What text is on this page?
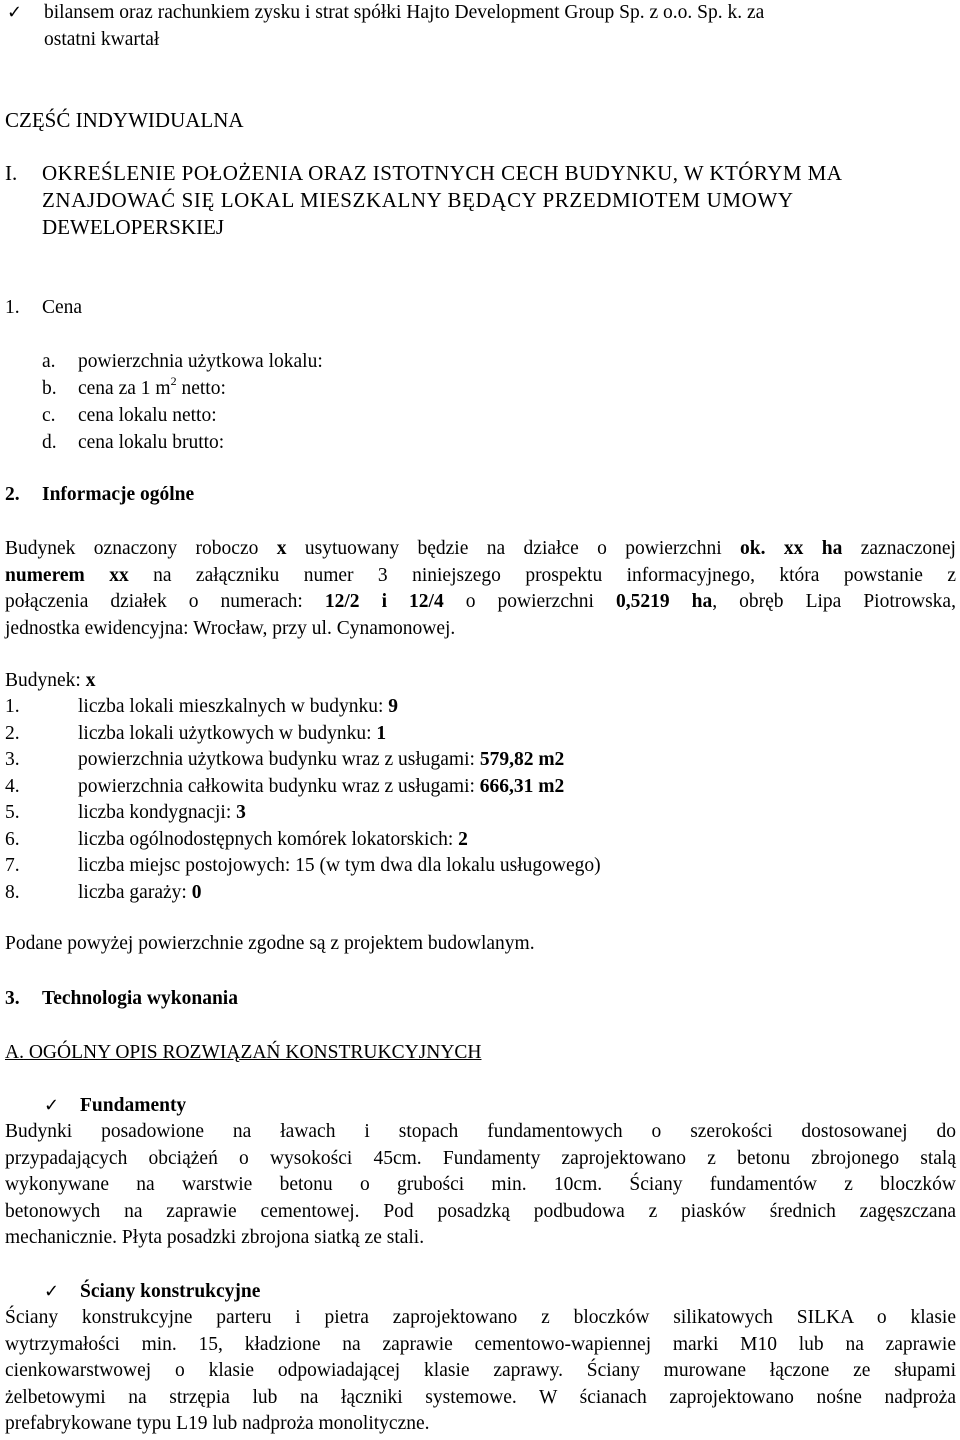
✓ bilansem oraz rachunkiem zysku i strat spółki Hajto Development Group Sp. z o.o. Sp. k. za
ostatni kwartał
CZĘŚĆ INDYWIDUALNA
I. OKREŚLENIE POŁOŻENIA ORAZ ISTOTNYCH CECH BUDYNKU, W KTÓRYM MA
ZNAJDOWAĆ SIĘ LOKAL MIESZKALNY BĘDĄCY PRZEDMIOTEM UMOWY
DEWELOPERSKIEJ
1. Cena
a. powierzchnia użytkowa lokalu:
b. cena za 1 $m^2$ netto:
c. cena lokalu netto:
d. cena lokalu brutto:
2. Informacje ogólne
Budynek oznaczony roboczo x usytuowany będzie na działce o powierzchni ok. xx ha zaznaczonej
numerem xx na załączniku numer 3 niniejszego prospektu informacyjnego, która powstanie z
połączenia działek o numerach: 12/2 i 12/4 o powierzchni 0,5219 ha, obręb Lipa Piotrowska,
jednostka ewidencyjna: Wrocław, przy ul. Cynamonowej.
Budynek: x
1.	liczba lokali mieszkalnych w budynku: 9
2.	liczba lokali użytkowych w budynku: 1
3.	powierzchnia użytkowa budynku wraz z usługami: 579,82 m2
4.	powierzchnia całkowita budynku wraz z usługami: 666,31 m2
5.	liczba kondygnacji: 3
6.	liczba ogólnodostępnych komórek lokatorskich: 2
7.	liczba miejsc postojowych: 15 (w tym dwa dla lokalu usługowego)
8.	liczba garaży: 0
Podane powyżej powierzchnie zgodne są z projektem budowlanym.
3. Technologia wykonania
A. OGÓLNY OPIS ROZWIĄZAŃ KONSTRUKCYJNYCH
✓ Fundamenty
Budynki posadowione na ławach i stopach fundamentowych o szerokości dostosowanej do
przypadających obciążeń o wysokości 45cm. Fundamenty zaprojektowano z betonu zbrojonego stalą
wykonywane na warstwie betonu o grubości min. 10cm. Ściany fundamentów z bloczków
betonowych na zaprawie cementowej. Pod posadzką podbudowa z piasków średnich zagęszczana
mechanicznie. Płyta posadzki zbrojona siatką ze stali.
✓ Ściany konstrukcyjne
Ściany konstrukcyjne parteru i pietra zaprojektowano z bloczków silikatowych SILKA o klasie
wytrzymałości min. 15, kładzione na zaprawie cementowo-wapiennej marki M10 lub na zaprawie
cienkowarstwowej o klasie odpowiadającej klasie zaprawy. Ściany murowane łączone ze słupami
żelbetowymi na strzępia lub na łączniki systemowe. W ścianach zaprojektowano nośne nadproża
prefabrykowane typu L19 lub nadproża monolityczne.
